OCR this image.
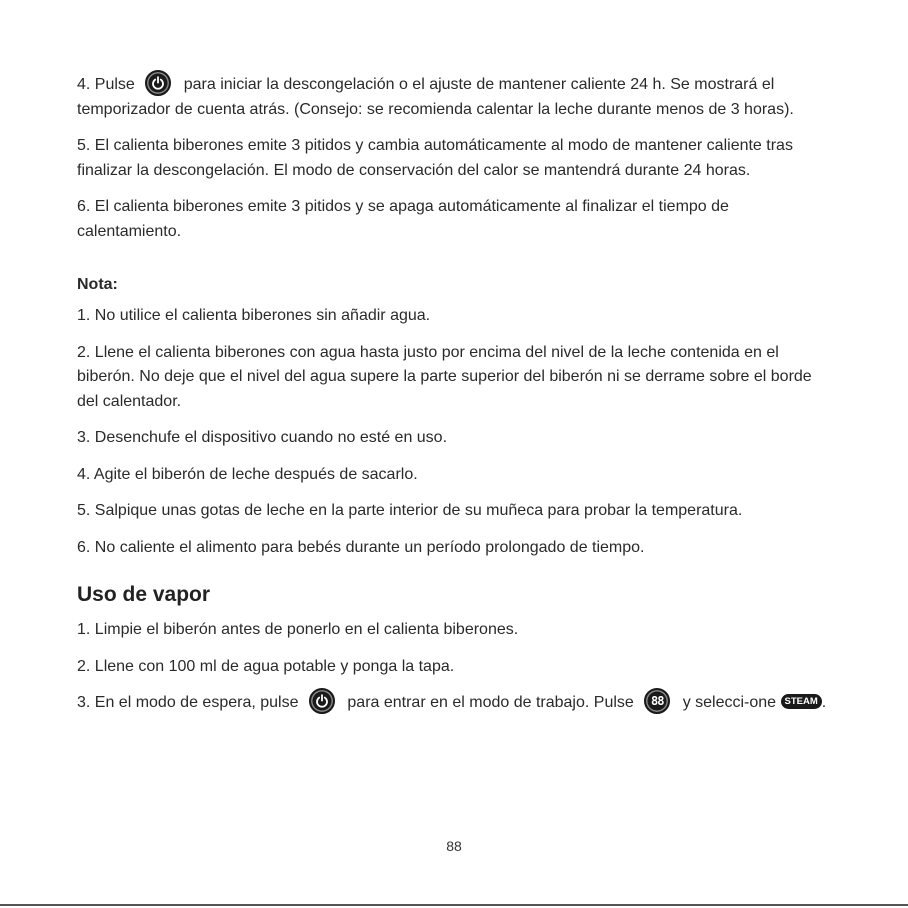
4. Pulse	para iniciar la descongelación o el ajuste de mantener caliente 24 h. Se mostrará el temporizador de cuenta atrás. (Consejo: se recomienda calentar la leche durante menos de 3 horas).

5. El calienta biberones emite 3 pitidos y cambia automáticamente al modo de mantener caliente tras finalizar la descongelación. El modo de conservación del calor se mantendrá durante 24 horas.

6. El calienta biberones emite 3 pitidos y se apaga automáticamente al finalizar el tiempo de calentamiento.

Nota:

1. No utilice el calienta biberones sin añadir agua.

2. Llene el calienta biberones con agua hasta justo por encima del nivel de la leche contenida en el biberón. No deje que el nivel del agua supere la parte superior del biberón ni se derrame sobre el borde del calentador.

3. Desenchufe el dispositivo cuando no esté en uso.

4. Agite el biberón de leche después de sacarlo.

5. Salpique unas gotas de leche en la parte interior de su muñeca para probar la temperatura.

6. No caliente el alimento para bebés durante un período prolongado de tiempo.

Uso de vapor

1. Limpie el biberón antes de ponerlo en el calienta biberones.

2. Llene con 100 ml de agua potable y ponga la tapa.

3. En el modo de espera, pulse	para entrar en el modo de trabajo. Pulse 88 y selecci-one STEAM .

88
